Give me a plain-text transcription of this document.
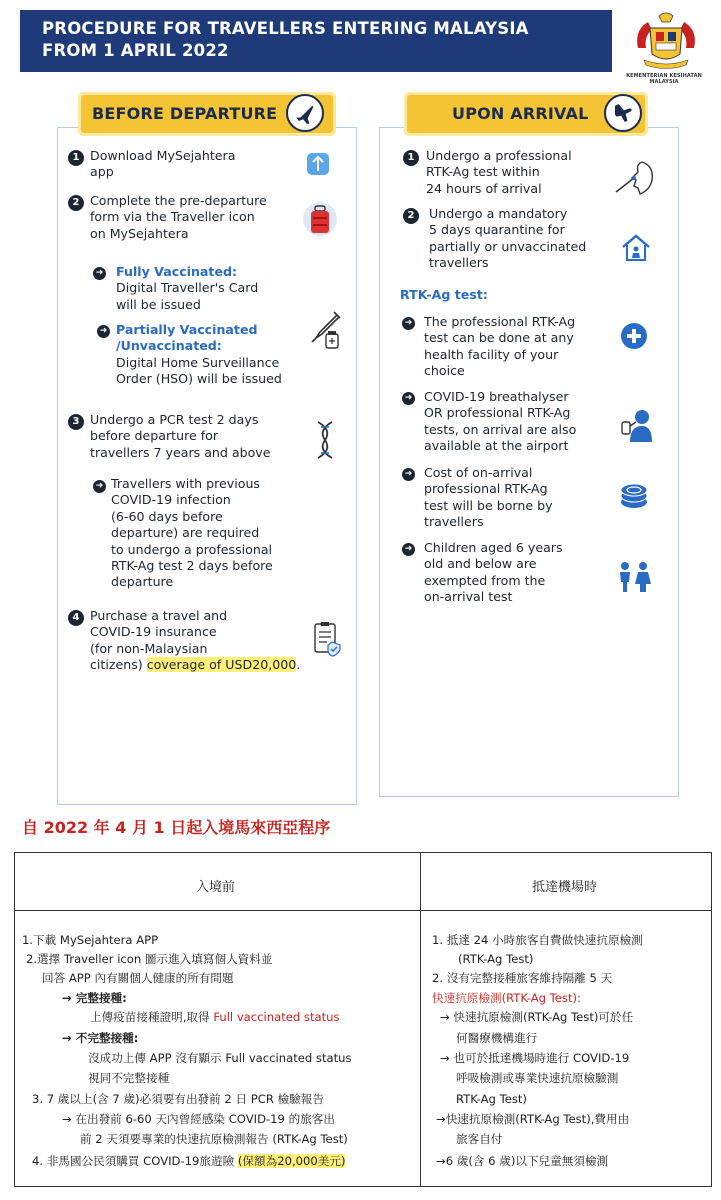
PROCEDURE FOR TRAVELLERS ENTERING MALAYSIA
FROM 1 APRIL 2022
KEMENTERIAN KESIHATAN MALAYSIA
BEFORE DEPARTURE	UPON ARRIVAL
1 Download MySejahtera
app
2 Complete the pre-departure
form via the Traveller icon
on MySejahtera
➜ Fully Vaccinated:
Digital Traveller's Card
will be issued
➜ Partially Vaccinated
/Unvaccinated:
Digital Home Surveillance
Order (HSO) will be issued
3 Undergo a PCR test 2 days
before departure for
travellers 7 years and above
➜ Travellers with previous
COVID-19 infection
(6-60 days before
departure) are required
to undergo a professional
RTK-Ag test 2 days before
departure
4 Purchase a travel and
COVID-19 insurance
(for non-Malaysian
citizens) coverage of USD20,000.
1 Undergo a professional
RTK-Ag test within
24 hours of arrival
2	Undergo a mandatory
5 days quarantine for
partially or unvaccinated
travellers
RTK-Ag test:
➜ The professional RTK-Ag
test can be done at any
health facility of your
choice
➜ COVID-19 breathalyser
OR professional RTK-Ag
tests, on arrival are also
available at the airport
➜ Cost of on-arrival
professional RTK-Ag
test will be borne by
travellers
➜ Children aged 6 years
old and below are
exempted from the
on-arrival test
自 2022 年 4 月 1 日起入境馬來西亞程序
入境前	抵達機場時
1.下載 MySejahtera APP
2.選擇 Traveller icon 圖示進入填寫個人資料並
回答 APP 內有關個人健康的所有問題
→ 完整接種:
上傳疫苗接種證明,取得 Full vaccinated status
→ 不完整接種:
沒成功上傳 APP 沒有顯示 Full vaccinated status
視同不完整接種
3. 7 歲以上(含 7 歲)必須要有出發前 2 日 PCR 檢驗報告
→ 在出發前 6-60 天內曾經感染 COVID-19 的旅客出
前 2 天須要專業的快速抗原檢測報告 (RTK-Ag Test)
4. 非馬國公民須購買 COVID-19旅遊險 (保額為20,000美元)
1. 抵達 24 小時旅客自費做快速抗原檢測
(RTK-Ag Test)
2. 沒有完整接種旅客維持隔離 5 天
快速抗原檢測(RTK-Ag Test):
→ 快速抗原檢測(RTK-Ag Test)可於任
何醫療機構進行
→ 也可於抵達機場時進行 COVID-19
呼吸檢測或專業快速抗原檢驗測
RTK-Ag Test)
→快速抗原檢測(RTK-Ag Test),費用由
旅客自付
→6 歲(含 6 歲)以下兒童無須檢測
